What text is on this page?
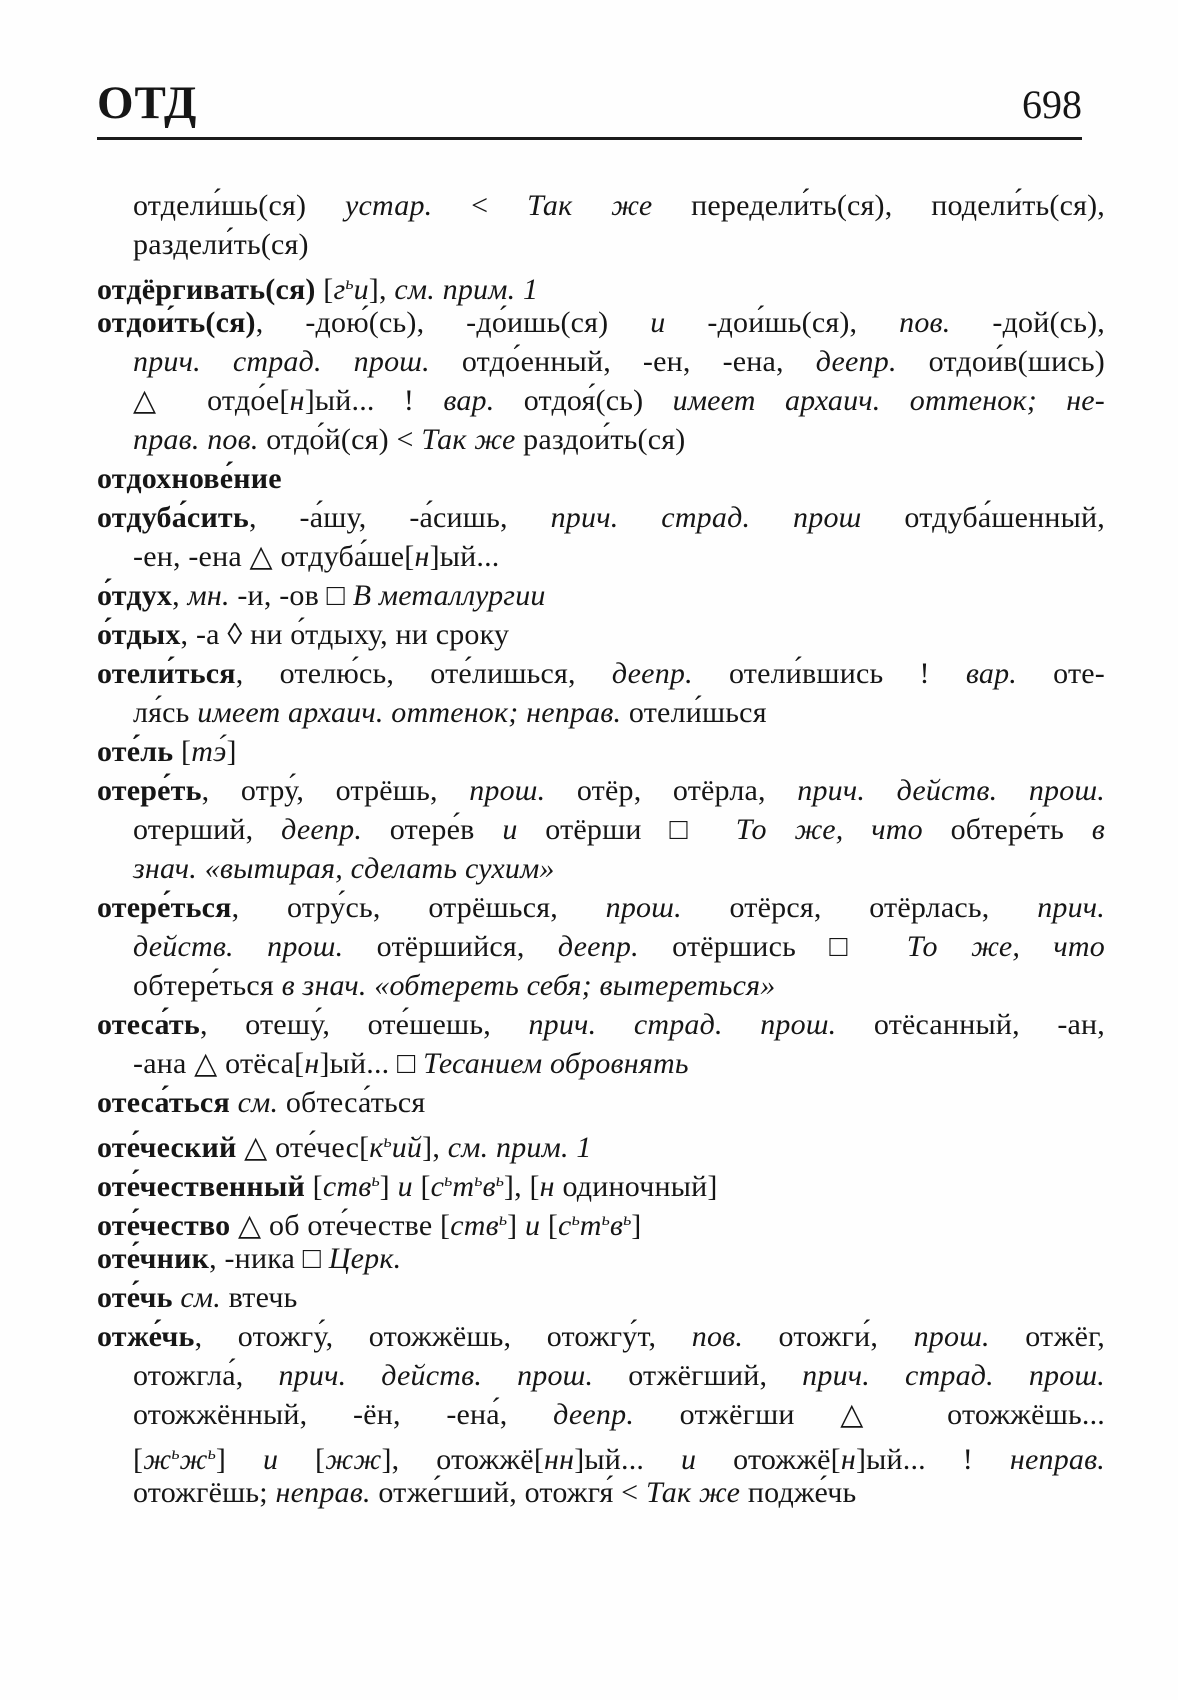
ОТД	698
отдели́шь(ся) устар. < Так же передели́ть(ся), подели́ть(ся),
раздели́ть(ся)
отдёргивать(ся) $[г^ьи]$, см. прим. 1
отдои́ть(ся), -дою́(сь), -до́ишь(ся) и -дои́шь(ся), пов. -дой(сь),
прич. страд. прош. отдо́енный, -ен, -ена, деепр. отдои́в(шись)
△ отдо́е[н]ый... ! вар. отдоя́(сь) имеет архаич. оттенок; не-
прав. пов. отдо́й(ся) < Так же раздои́ть(ся)
отдохнове́ние
отдуба́сить, -а́шу, -а́сишь, прич. страд. прош отдуба́шенный,
-ен, -ена △ отдуба́ше[н]ый...
о́тдух, мн. -и, -ов □ В металлургии
о́тдых, -а ◊ ни о́тдыху, ни сроку
отели́ться, отелю́сь, оте́лишься, деепр. отели́вшись ! вар. оте-
ля́сь имеет архаич. оттенок; неправ. отели́шься
оте́ль [тэ́]
отере́ть, отру́, отрёшь, прош. отёр, отёрла, прич. действ. прош.
отерший, деепр. отере́в и отёрши □ То же, что обтере́ть в
знач. «вытирая, сделать сухим»
отере́ться, отру́сь, отрёшься, прош. отёрся, отёрлась, прич.
действ. прош. отёршийся, деепр. отёршись □ То же, что
обтере́ться в знач. «обтереть себя; вытереться»
отеса́ть, отешу́, оте́шешь, прич. страд. прош. отёсанный, -ан,
-ана △ отёса[н]ый... □ Тесанием обровнять
отеса́ться см. обтеса́ться
оте́ческий △ $оте́чес[к^ьий]$, см. прим. 1
оте́чественный [ств$^ь$] и $[с^ьт^ьв^ь]$, [н одиночный]
оте́чество △ об оте́честве [ств$^ь$] и $[с^ьт^ьв^ь]$
оте́чник, -ника □ Церк.
оте́чь см. втечь
отже́чь, отожгу́, отожжёшь, отожгу́т, пов. отожги́, прош. отжёг,
отожгла́, прич. действ. прош. отжёгший, прич. страд. прош.
отожжённый, -ён, -ена́, деепр. отжёгши △ отожжёшь...
$[ж^ьж^ь]$ и [жж], отожжё[нн]ый... и отожжё[н]ый... ! неправ.
отожгёшь; неправ. отже́гший, отожгя́ < Так же подже́чь
